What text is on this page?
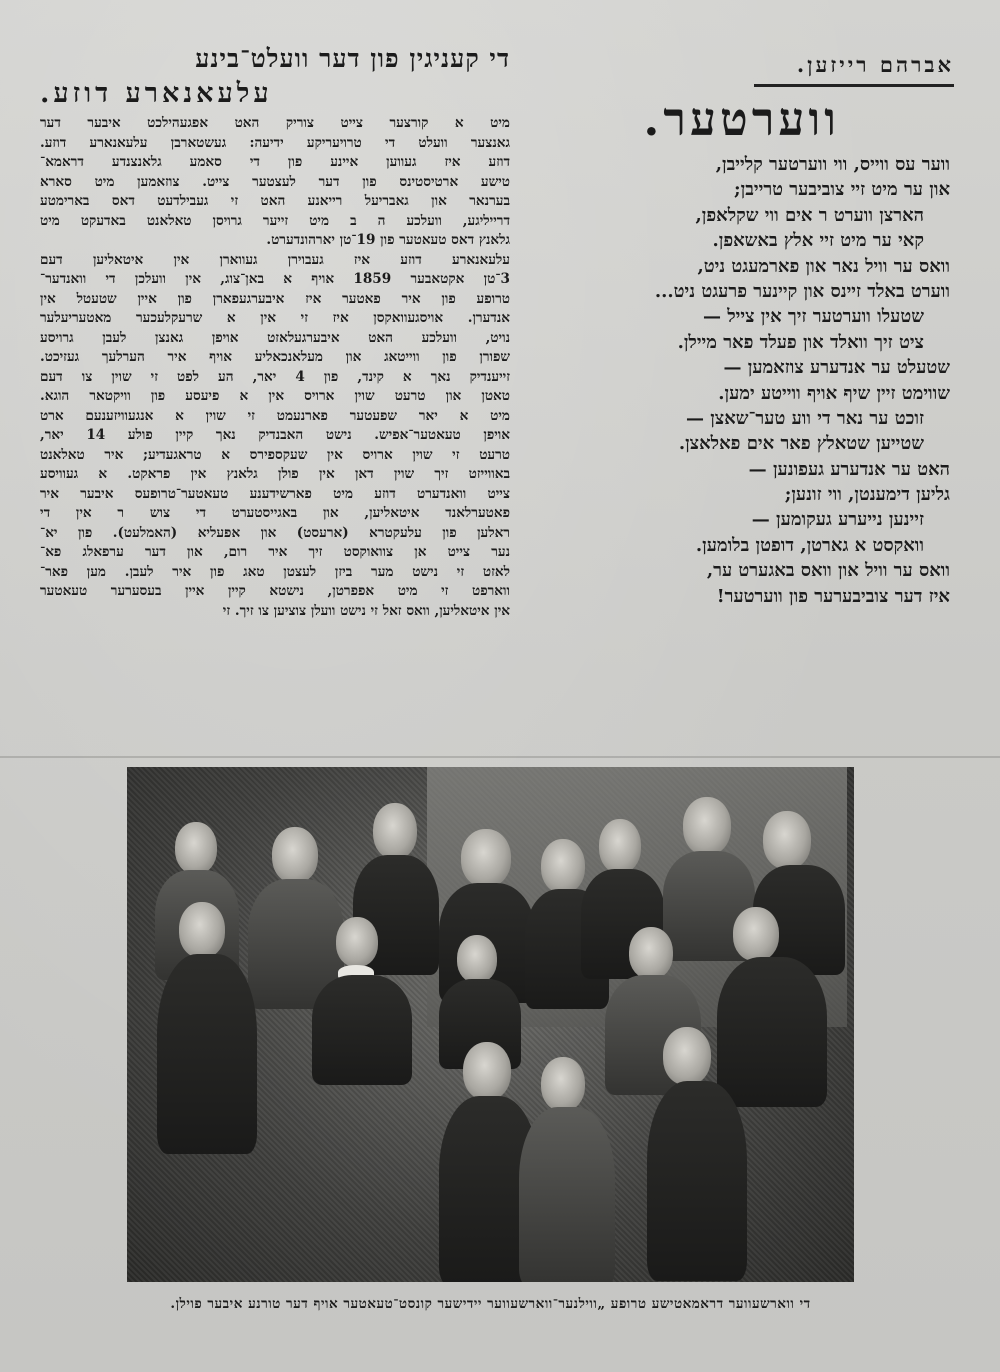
אברהם רייזען.
ווערטער.
ווער עס ווייס, ווי ווערטער קלייבן,
און ער מיט זיי צוביבער טרייבן;
הארצן ווערט ר אים ווי שקלאפן,
קאי ער מיט זיי אלץ באשאפן.
וואס ער וויל נאר און פארמעגט ניט,
ווערט באלד זיינס און קיינער פרעגט ניט...
שטעלו ווערטער זיך אין צייל —
ציט זיך וואלד און פעלד פאר מיילן.
שטעלט ער אנדערע צוזאמען —
שווימט זיין שיף אויף ווייטע ימען.
זוכט ער נאר די ווע טער־שאצן —
שטייען שטאלץ פאר אים פאלאצן.
האט ער אנדערע געפונען —
גליען דימענטן, ווי זונען;
זיינען נייערע געקומען —
וואקסט א גארטן, דופטן בלומען.
וואס ער וויל און וואס באגערט ער,
איז דער צוביבערער פון ווערטער!
די קעניגין פון דער וועלט־בינע
עלעאנארע דוזע.
מיט א קורצער צייט צוריק האט אפגעהילכט איבער דער
גאנצער וועלט די טרויעריקע ידיעה: געשטארבן עלעאנארע דוזע.
דוזע איז געווען איינע פון די סאמע גלאנצנדע דראמא־
טישע ארטיסטינס פון דער לעצטער צייט. צוזאמען מיט סארא
בערנאר און גאבריעל רייאנע האט זי געבילדעט דאס בארימטע
דרייליגע, וועלכע ה ב מיט זייער גרויסן טאלאנט באדעקט מיט
גלאנץ דאס טעאטער פון 19־טן יארהונדערט.
עלעאנארע דוזע איז געבוירן געווארן אין איטאליען דעם
3־טן אקטאבער 1859 אויף א באן־צוג, אין וועלכן די וואנדער־
טרופע פון איר פאטער איז איבערגעפארן פון איין שטעטל אין
אנדערן. אויסגעוואקסן איז זי אין א שרעקלעכער מאטעריעלער
נויט, וועלכע האט איבערגעלאזט אויפן גאנצן לעבן גרויסע
שפורן פון ווייטאג און מעלאנכאליע אויף איר הערלעך געזיכט.
זייענדיק נאך א קינד, פון 4 יאר, הע לפט זי שוין צו דעם
טאטן און טרעט שוין ארויס אין א פיעסע פון וויקטאר הוגא.
מיט א יאר שפעטער פארנעמט זי שוין א אנגעוויזענעם ארט
אויפן טעאטער־אפיש. נישט האבנדיק נאך קיין פולע 14 יאר,
טרעט זי שוין ארויס אין שעקספירס א טראגעדיע; איר טאלאנט
באווייזט זיך שוין דאן אין פולן גלאנץ אין פראקט. א געוויסע
צייט וואנדערט דוזע מיט פארשידענע טעאטער־טרופעס איבער איר
פאטערלאנד איטאליען, און באגייסטערט די צוש ר אין די
ראלען פון עלעקטרא (ארעסט) און אפעליא (האמלעט). פון יא־
נער צייט אן צוואוקסט זיך איר רום, און דער ערפאלג פא־
לאזט זי נישט מער ביזן לעצטן טאג פון איר לעבן. מען פאר־
ווארפט זי מיט אפפרטן, נישטא קיין איין בעסערער טעאטער
אין איטאליען, וואס זאל זי נישט וועלן צוציען צו זיך. זי
די ווארשעווער דראמאטישע טרופע „ווילנער־ווארשעווער יידישער קונסט־טעאטער אויף דער טורנע איבער פוילן.
